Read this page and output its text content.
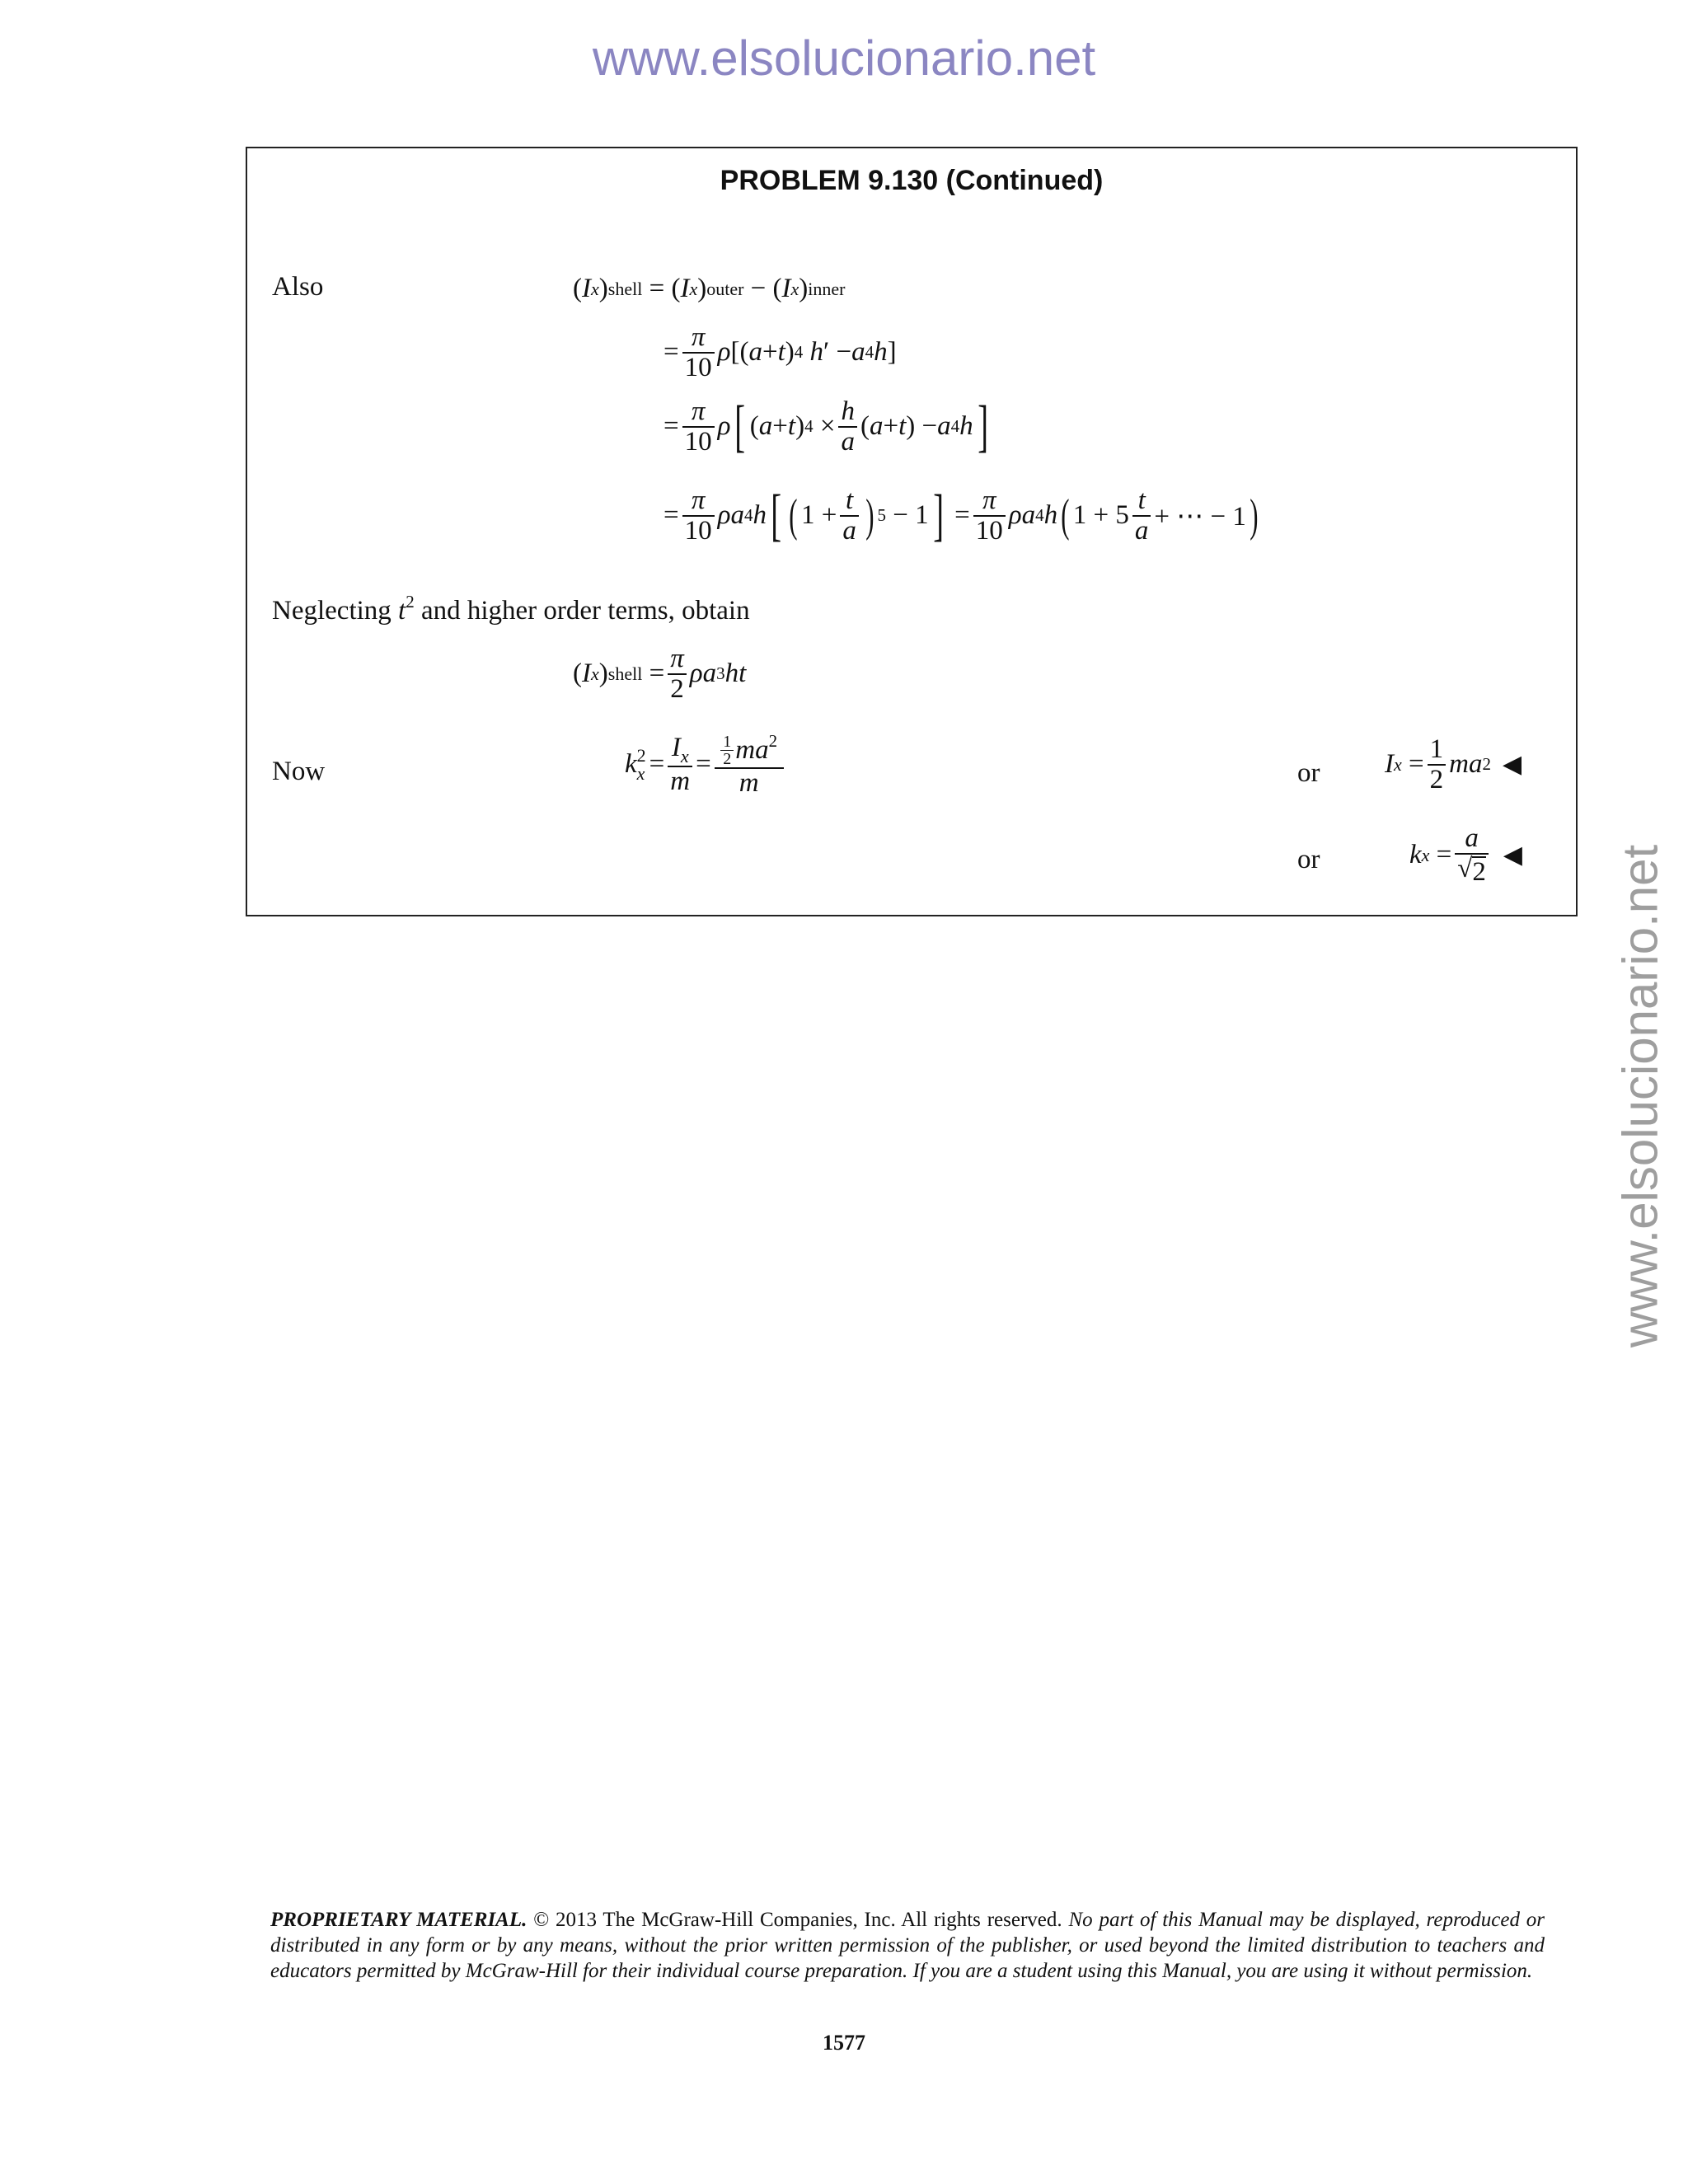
www.elsolucionario.net
www.elsolucionario.net
PROBLEM 9.130 (Continued)
Also	( I x ) shell = ( I x ) outer − ( I x ) inner
= $\frac{\pi}{10}$ ρ [( a + t ) 4
h ′ − a 4 h ]
= $\frac{\pi}{10}$ ρ [ ( a + t ) $4 \times \frac{h}{a}$ ( a + t ) − a 4 h ]
= $\frac{\pi}{10}$ ρa 4 h [ ( $1 + \frac{t}{a}$ ) 5 − 1 ] = $\frac{\pi}{10}$ ρa 4 h ( $1 + 5 \frac{t}{a}$ + ⋯ − 1 )
Neglecting $t^2$ and higher order terms, obtain
( I x ) shell = $\frac{\pi}{2}$ ρa 3 ht
Now	k 2
$x = \frac{I_x}{m} = \frac{\frac{1}{2} ma^2}{m}$	or I $x = \frac{1}{2}$ ma 2 ◀
or	k $x = \frac{a}{√ 2}$ ◀
PROPRIETARY MATERIAL. © 2013 The McGraw-Hill Companies, Inc. All rights reserved. No part of this Manual may be displayed, reproduced or distributed in any form or by any means, without the prior written permission of the publisher, or used beyond the limited distribution to teachers and educators permitted by McGraw-Hill for their individual course preparation. If you are a student using this Manual, you are using it without permission.
1577
